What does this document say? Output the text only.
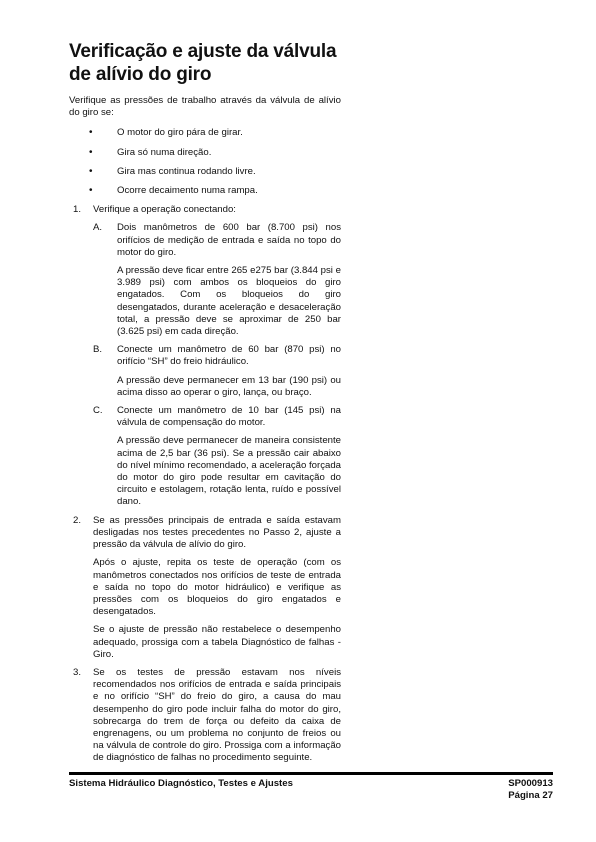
Verificação e ajuste da válvula de alívio do giro

Verifique as pressões de trabalho através da válvula de alívio do giro se:

• O motor do giro pára de girar.
• Gira só numa direção.
• Gira mas continua rodando livre.
• Ocorre decaimento numa rampa.
1. Verifique a operação conectando:

A. Dois manômetros de 600 bar (8.700 psi) nos orifícios de medição de entrada e saída no topo do motor do giro.

A pressão deve ficar entre 265 e275 bar (3.844 psi e 3.989 psi) com ambos os bloqueios do giro engatados. Com os bloqueios do giro desengatados, durante aceleração e desaceleração total, a pressão deve se aproximar de 250 bar (3.625 psi) em cada direção.

B. Conecte um manômetro de 60 bar (870 psi) no orifício “SH” do freio hidráulico.

A pressão deve permanecer em 13 bar (190 psi) ou acima disso ao operar o giro, lança, ou braço.

C. Conecte um manômetro de 10 bar (145 psi) na válvula de compensação do motor.

A pressão deve permanecer de maneira consistente acima de 2,5 bar (36 psi). Se a pressão cair abaixo do nível mínimo recomendado, a aceleração forçada do motor do giro pode resultar em cavitação do circuito e estolagem, rotação lenta, ruído e possível dano.

2. Se as pressões principais de entrada e saída estavam desligadas nos testes precedentes no Passo 2, ajuste a pressão da válvula de alívio do giro.

Após o ajuste, repita os teste de operação (com os manômetros conectados nos orifícios de teste de entrada e saída no topo do motor hidráulico) e verifique as pressões com os bloqueios do giro engatados e desengatados.

Se o ajuste de pressão não restabelece o desempenho adequado, prossiga com a tabela Diagnóstico de falhas - Giro.

3. Se os testes de pressão estavam nos níveis recomendados nos orifícios de entrada e saída principais e no orifício “SH” do freio do giro, a causa do mau desempenho do giro pode incluir falha do motor do giro, sobrecarga do trem de força ou defeito da caixa de engrenagens, ou um problema no conjunto de freios ou na válvula de controle do giro. Prossiga com a informação de diagnóstico de falhas no procedimento seguinte.

Sistema Hidráulico Diagnóstico, Testes e Ajustes	SP000913
Página 27
